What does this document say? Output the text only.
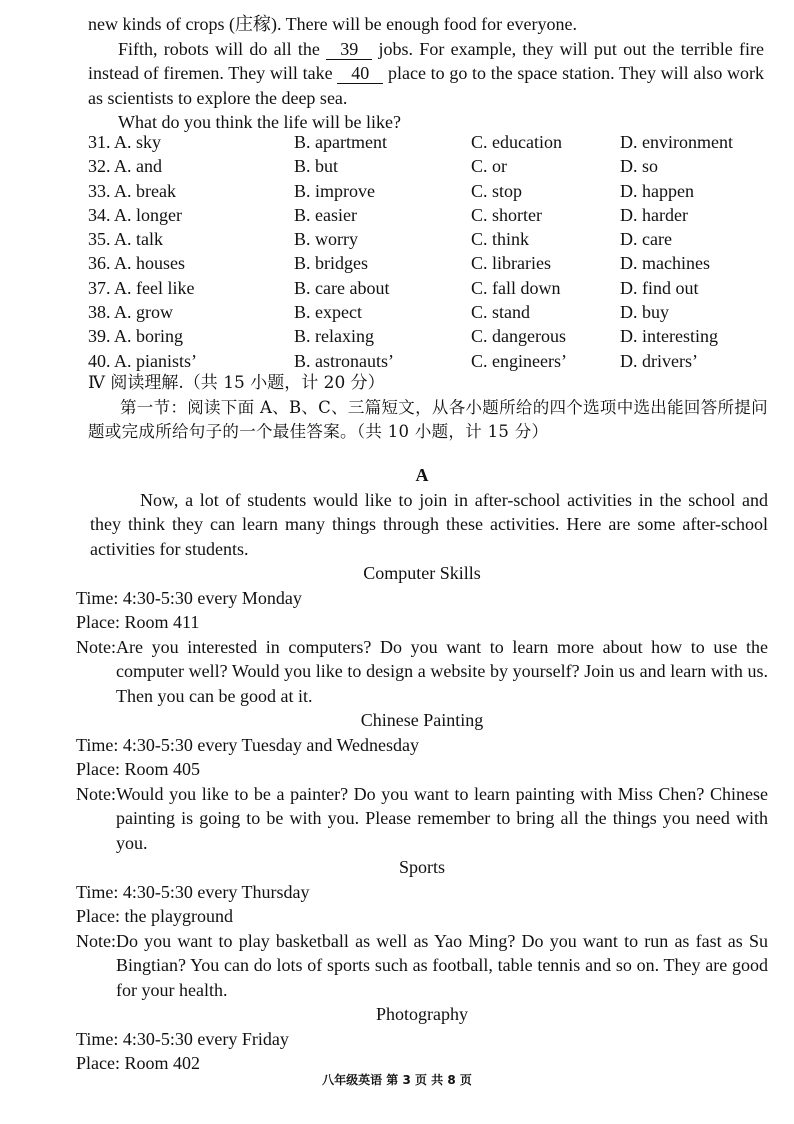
new kinds of crops (庄稼). There will be enough food for everyone.

Fifth, robots will do all the 39 jobs. For example, they will put out the terrible fire instead of firemen. They will take 40 place to go to the space station. They will also work as scientists to explore the deep sea.

What do you think the life will be like?

31. A. sky	B. apartment	C. education	D. environment
32. A. and	B. but	C. or	D. so
33. A. break	B. improve	C. stop	D. happen
34. A. longer	B. easier	C. shorter	D. harder
35. A. talk	B. worry	C. think	D. care
36. A. houses	B. bridges	C. libraries	D. machines
37. A. feel like	B. care about	C. fall down	D. find out
38. A. grow	B. expect	C. stand	D. buy
39. A. boring	B. relaxing	C. dangerous	D. interesting
40. A. pianists’	B. astronauts’	C. engineers’	D. drivers’

Ⅳ 阅读理解.（共 15 小题，计 20 分）

第一节：阅读下面 A、B、C、三篇短文，从各小题所给的四个选项中选出能回答所提问题或完成所给句子的一个最佳答案。（共 10 小题，计 15 分）

A

Now, a lot of students would like to join in after-school activities in the school and they think they can learn many things through these activities. Here are some after-school activities for students.

Computer Skills

Time: 4:30-5:30 every Monday

Place: Room 411

Note: Are you interested in computers? Do you want to learn more about how to use the computer well? Would you like to design a website by yourself? Join us and learn with us. Then you can be good at it.

Chinese Painting

Time: 4:30-5:30 every Tuesday and Wednesday

Place: Room 405

Note: Would you like to be a painter? Do you want to learn painting with Miss Chen? Chinese painting is going to be with you. Please remember to bring all the things you need with you.

Sports

Time: 4:30-5:30 every Thursday

Place: the playground

Note: Do you want to play basketball as well as Yao Ming? Do you want to run as fast as Su Bingtian? You can do lots of sports such as football, table tennis and so on. They are good for your health.

Photography

Time: 4:30-5:30 every Friday

Place: Room 402

八年级英语 第 3 页 共 8 页
